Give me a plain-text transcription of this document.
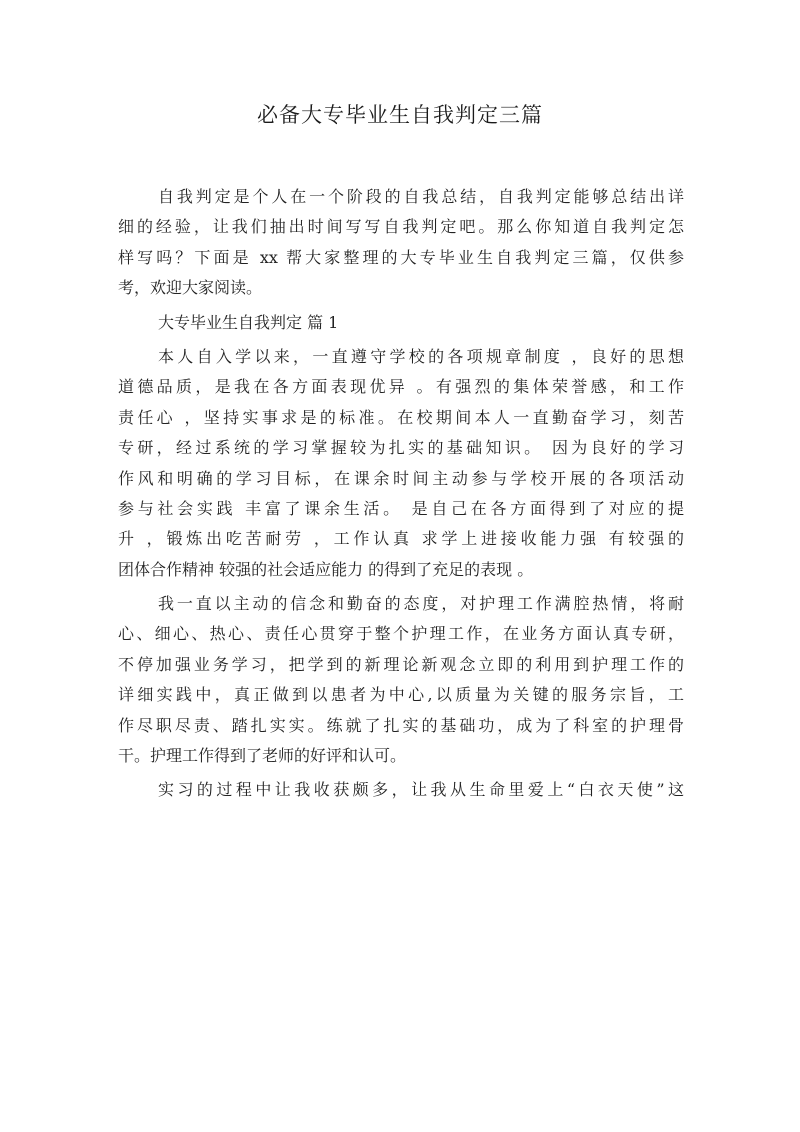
必备大专毕业生自我判定三篇
自我判定是个人在一个阶段的自我总结，自我判定能够总结出详
细的经验，让我们抽出时间写写自我判定吧。那么你知道自我判定怎
样写吗？下面是 xx 帮大家整理的大专毕业生自我判定三篇，仅供参
考，欢迎大家阅读。
大专毕业生自我判定 篇 1
本人自入学以来，一直遵守学校的各项规章制度 ，良好的思想
道德品质，是我在各方面表现优异 。有强烈的集体荣誉感，和工作
责任心 ，坚持实事求是的标准。在校期间本人一直勤奋学习，刻苦
专研，经过系统的学习掌握较为扎实的基础知识。 因为良好的学习
作风和明确的学习目标，在课余时间主动参与学校开展的各项活动
参与社会实践 丰富了课余生活。 是自己在各方面得到了对应的提
升 ，锻炼出吃苦耐劳 ，工作认真 求学上进接收能力强 有较强的
团体合作精神 较强的社会适应能力 的得到了充足的表现 。
我一直以主动的信念和勤奋的态度，对护理工作满腔热情，将耐
心、细心、热心、责任心贯穿于整个护理工作，在业务方面认真专研，
不停加强业务学习，把学到的新理论新观念立即的利用到护理工作的
详细实践中，真正做到以患者为中心,以质量为关键的服务宗旨，工
作尽职尽责、踏扎实实。练就了扎实的基础功，成为了科室的护理骨
干。护理工作得到了老师的好评和认可。
实习的过程中让我收获颇多，让我从生命里爱上“白衣天使”这
